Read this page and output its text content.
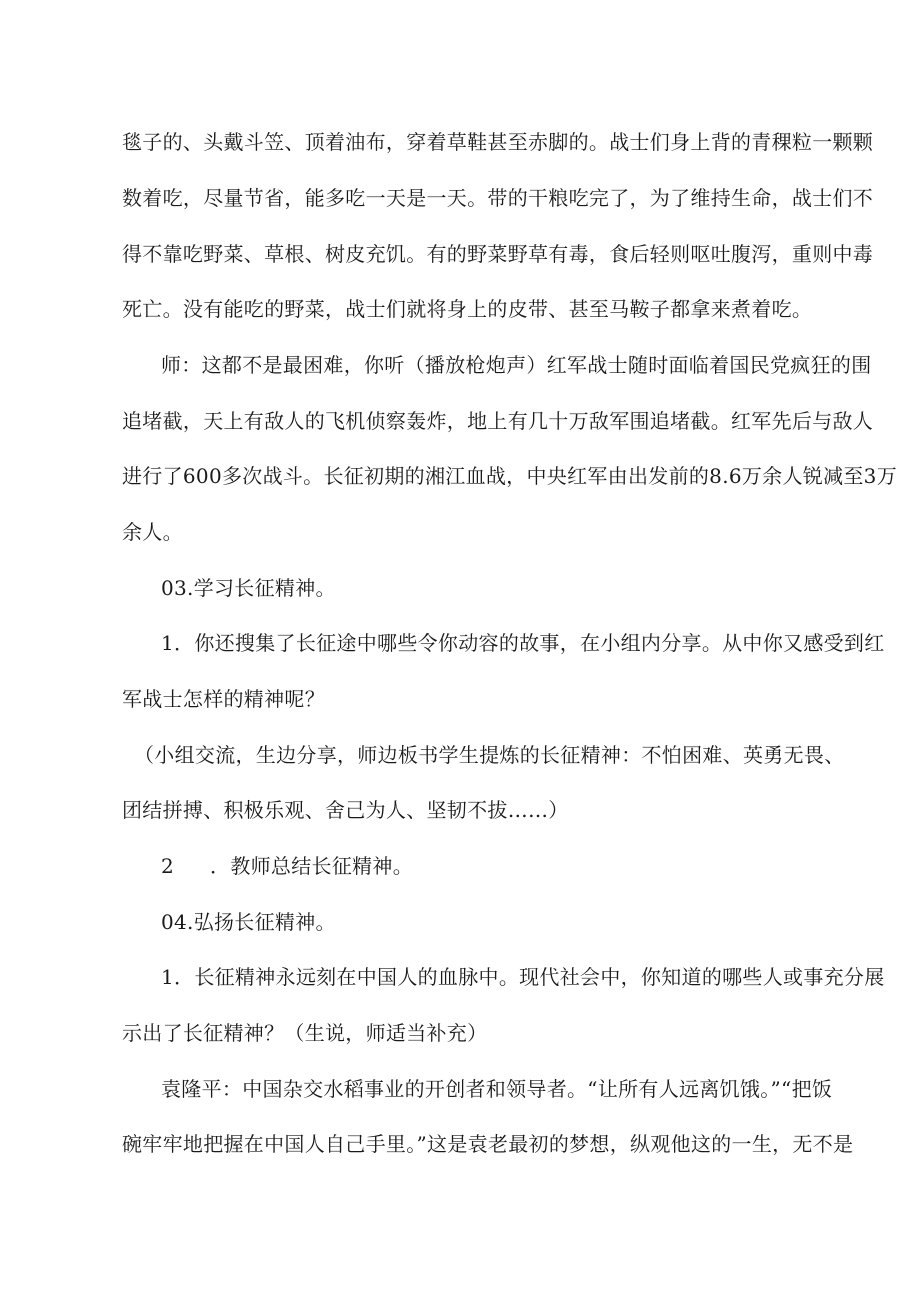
毯子的、头戴斗笠、顶着油布，穿着草鞋甚至赤脚的。战士们身上背的青稞粒一颗颗
数着吃，尽量节省，能多吃一天是一天。带的干粮吃完了，为了维持生命，战士们不
得不靠吃野菜、草根、树皮充饥。有的野菜野草有毒，食后轻则呕吐腹泻，重则中毒
死亡。没有能吃的野菜，战士们就将身上的皮带、甚至马鞍子都拿来煮着吃。
师：这都不是最困难，你听（播放枪炮声）红军战士随时面临着国民党疯狂的围
追堵截，天上有敌人的飞机侦察轰炸，地上有几十万敌军围追堵截。红军先后与敌人
进行了600多次战斗。长征初期的湘江血战，中央红军由出发前的8.6万余人锐减至3万
余人。
03.学习长征精神。
1．你还搜集了长征途中哪些令你动容的故事，在小组内分享。从中你又感受到红
军战士怎样的精神呢？
（小组交流，生边分享，师边板书学生提炼的长征精神：不怕困难、英勇无畏、
团结拼搏、积极乐观、舍己为人、坚韧不拔……）
2 ．教师总结长征精神。
04.弘扬长征精神。
1．长征精神永远刻在中国人的血脉中。现代社会中，你知道的哪些人或事充分展
示出了长征精神？（生说，师适当补充）
袁隆平：中国杂交水稻事业的开创者和领导者。“让所有人远离饥饿。”“把饭
碗牢牢地把握在中国人自己手里。”这是袁老最初的梦想，纵观他这的一生，无不是
